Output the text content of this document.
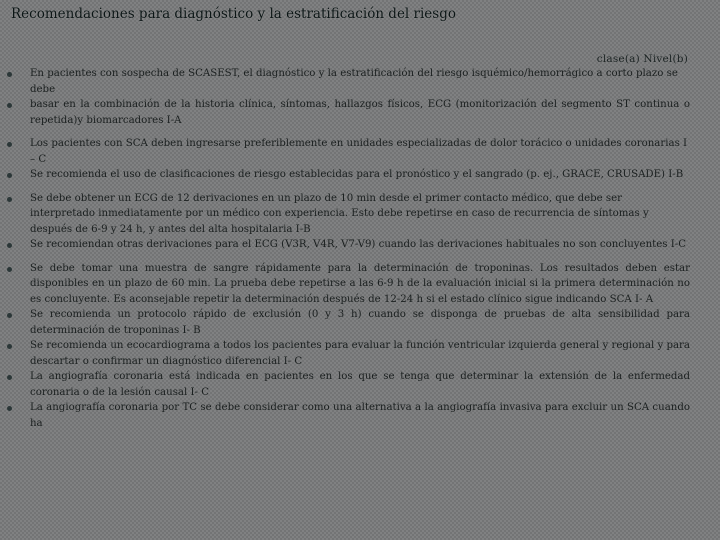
Recomendaciones para diagnóstico y la estratificación del riesgo
clase(a) Nivel(b)
En pacientes con sospecha de SCASEST, el diagnóstico y la estratificación del riesgo isquémico/hemorrágico a corto plazo se debe
basar en la combinación de la historia clínica, síntomas, hallazgos físicos, ECG (monitorización del segmento ST continua o repetida)y biomarcadores I-A
Los pacientes con SCA deben ingresarse preferiblemente en unidades especializadas de dolor torácico o unidades coronarias I – C
Se recomienda el uso de clasificaciones de riesgo establecidas para el pronóstico y el sangrado (p. ej., GRACE, CRUSADE) I-B
Se debe obtener un ECG de 12 derivaciones en un plazo de 10 min desde el primer contacto médico, que debe ser interpretado inmediatamente por un médico con experiencia. Esto debe repetirse en caso de recurrencia de síntomas y después de 6-9 y 24 h, y antes del alta hospitalaria I-B
Se recomiendan otras derivaciones para el ECG (V3R, V4R, V7-V9) cuando las derivaciones habituales no son concluyentes I-C
Se debe tomar una muestra de sangre rápidamente para la determinación de troponinas. Los resultados deben estar disponibles en un plazo de 60 min. La prueba debe repetirse a las 6-9 h de la evaluación inicial si la primera determinación no es concluyente. Es aconsejable repetir la determinación después de 12-24 h si el estado clínico sigue indicando SCA I- A
Se recomienda un protocolo rápido de exclusión (0 y 3 h) cuando se disponga de pruebas de alta sensibilidad para determinación de troponinas I- B
Se recomienda un ecocardiograma a todos los pacientes para evaluar la función ventricular izquierda general y regional y para descartar o confirmar un diagnóstico diferencial I- C
La angiografía coronaria está indicada en pacientes en los que se tenga que determinar la extensión de la enfermedad coronaria o de la lesión causal I- C
La angiografía coronaria por TC se debe considerar como una alternativa a la angiografía invasiva para excluir un SCA cuando ha
